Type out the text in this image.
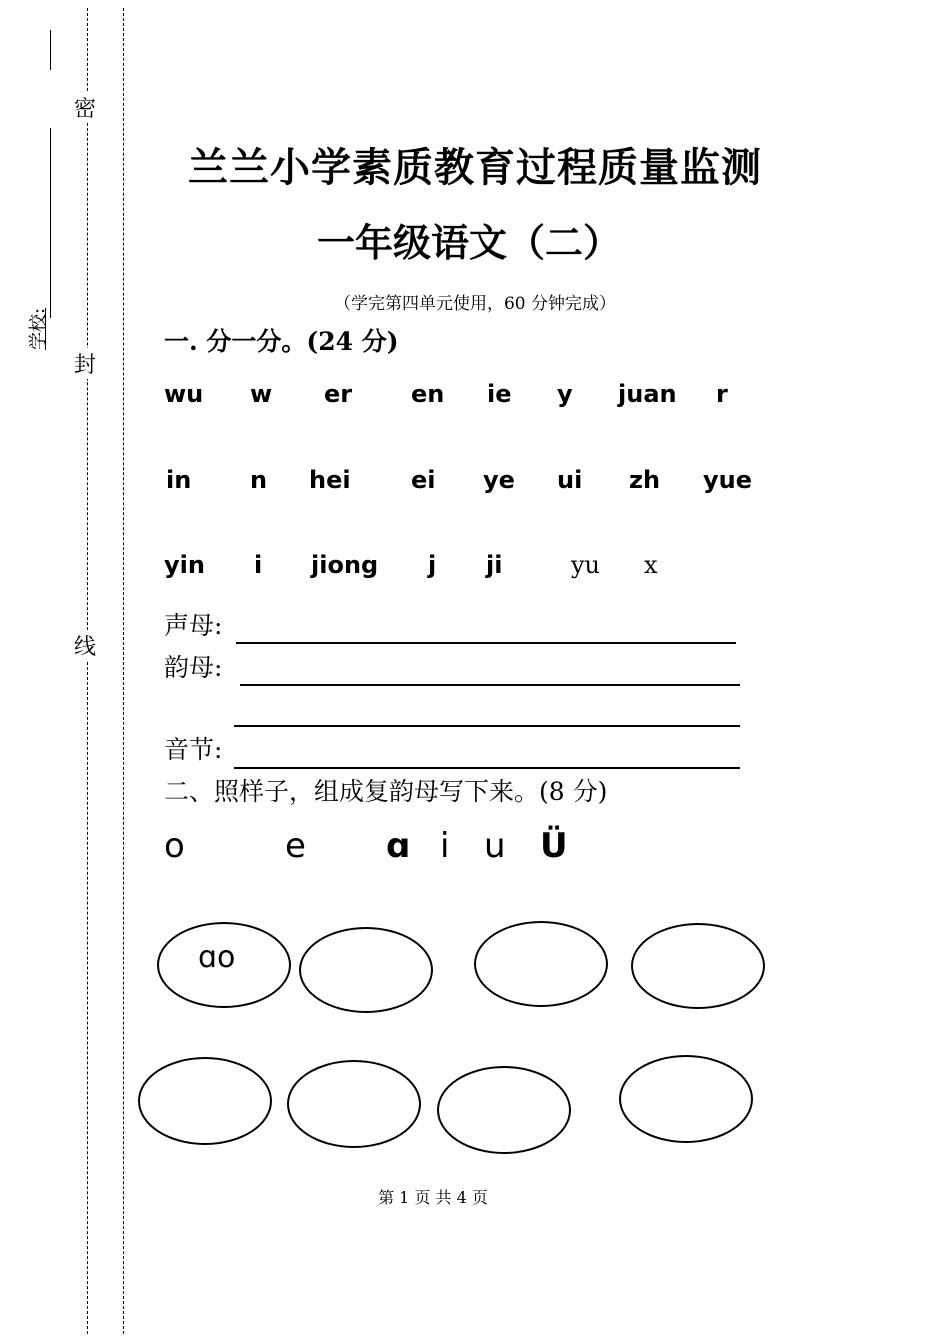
学校:
密
封
线
兰兰小学素质教育过程质量监测
一年级语文（二）
（学完第四单元使用，60 分钟完成）
一. 分一分。(24 分)
wu w er en ie y juan r
in n hei	ei ye ui zh yue
yin i jiong j ji	yu x
声母:
韵母:
音节:
二、照样子，组成复韵母写下来。(8 分)
o	e ɑ i u Ü
ɑo
第 1 页 共 4 页
